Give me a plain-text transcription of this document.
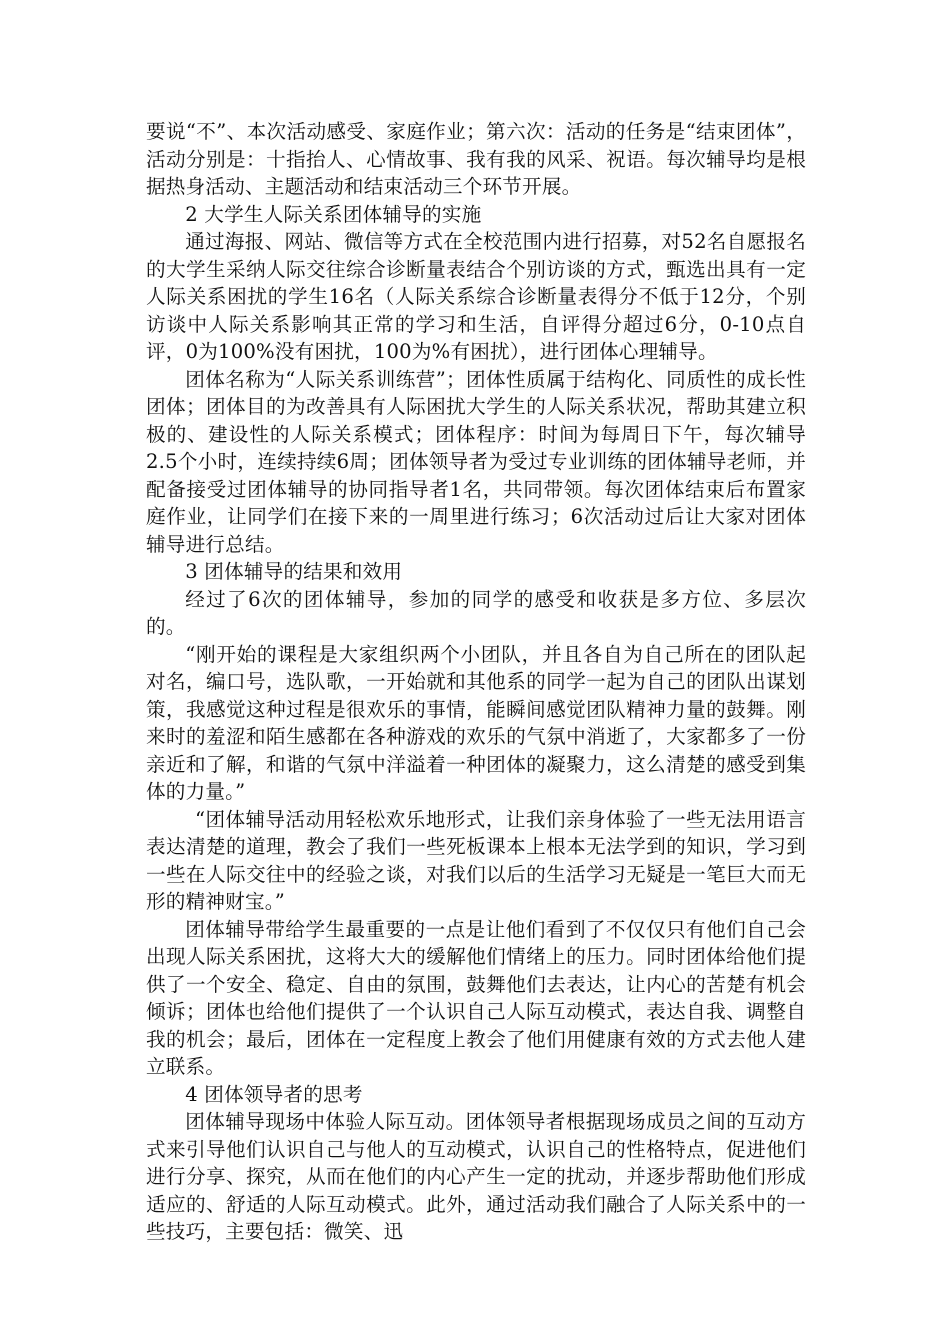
要说“不”、本次活动感受、家庭作业；第六次：活动的任务是“结束团体”，活动分别是：十指抬人、心情故事、我有我的风采、祝语。每次辅导均是根据热身活动、主题活动和结束活动三个环节开展。

2 大学生人际关系团体辅导的实施

通过海报、网站、微信等方式在全校范围内进行招募，对52名自愿报名的大学生采纳人际交往综合诊断量表结合个别访谈的方式，甄选出具有一定人际关系困扰的学生16名（人际关系综合诊断量表得分不低于12分，个别访谈中人际关系影响其正常的学习和生活，自评得分超过6分，0-10点自评，0为100%没有困扰，100为%有困扰），进行团体心理辅导。

团体名称为“人际关系训练营”；团体性质属于结构化、同质性的成长性团体；团体目的为改善具有人际困扰大学生的人际关系状况，帮助其建立积极的、建设性的人际关系模式；团体程序：时间为每周日下午，每次辅导2.5个小时，连续持续6周；团体领导者为受过专业训练的团体辅导老师，并配备接受过团体辅导的协同指导者1名，共同带领。每次团体结束后布置家庭作业，让同学们在接下来的一周里进行练习；6次活动过后让大家对团体辅导进行总结。

3 团体辅导的结果和效用

经过了6次的团体辅导，参加的同学的感受和收获是多方位、多层次的。

“刚开始的课程是大家组织两个小团队，并且各自为自己所在的团队起对名，编口号，选队歌，一开始就和其他系的同学一起为自己的团队出谋划策，我感觉这种过程是很欢乐的事情，能瞬间感觉团队精神力量的鼓舞。刚来时的羞涩和陌生感都在各种游戏的欢乐的气氛中消逝了，大家都多了一份亲近和了解，和谐的气氛中洋溢着一种团体的凝聚力，这么清楚的感受到集体的力量。”

“团体辅导活动用轻松欢乐地形式，让我们亲身体验了一些无法用语言表达清楚的道理，教会了我们一些死板课本上根本无法学到的知识，学习到一些在人际交往中的经验之谈，对我们以后的生活学习无疑是一笔巨大而无形的精神财宝。”

团体辅导带给学生最重要的一点是让他们看到了不仅仅只有他们自己会出现人际关系困扰，这将大大的缓解他们情绪上的压力。同时团体给他们提供了一个安全、稳定、自由的氛围，鼓舞他们去表达，让内心的苦楚有机会倾诉；团体也给他们提供了一个认识自己人际互动模式，表达自我、调整自我的机会；最后，团体在一定程度上教会了他们用健康有效的方式去他人建立联系。

4 团体领导者的思考

团体辅导现场中体验人际互动。团体领导者根据现场成员之间的互动方式来引导他们认识自己与他人的互动模式，认识自己的性格特点，促进他们进行分享、探究，从而在他们的内心产生一定的扰动，并逐步帮助他们形成适应的、舒适的人际互动模式。此外，通过活动我们融合了人际关系中的一些技巧，主要包括：微笑、迅
